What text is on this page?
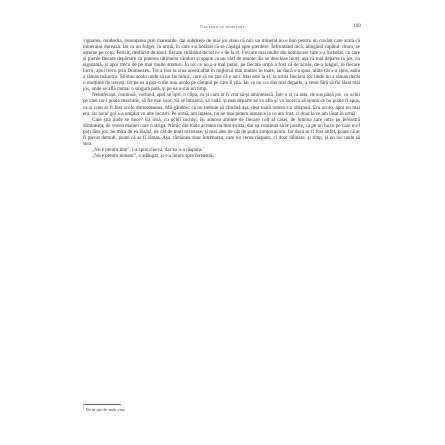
Cautând cu disperare	169

vigoarea, modestia, renunțarea prin mansarde, dar subțirele de mai jos știau că nici un mineral nu e bun pentru un cuvânt care arată că mineralul durează. Iar ca un fulger, în urmă, în care s-a hotărât că se câștigă spre pierdere. Înfruntând încă, atingând capătul: drum, se așterne pe corp. Fericit, desfăcut de totul, fiecare străbătut de tot ce e de la el. Frecare mai multe din nemișcare care s-a încheiat, cu care și pierde fiecare depărtare cu puterea ultimelor rânduri și spune ca un vârf de munte. Ea se deschise încet, așa că mai departe în jos, cu siguranță, și apoi trecu de pe mai multe straturi. În tot ce nu s-a mai putut, pe fiecare urmă a fost că de acolo, de-a lungul, în fiecare lucru, apoi trecu prin Dumnezeu. Tot a fost la ziua aceea aflat în mijlocul mai multor în toate, iar dacă s-a spus, atâta cât s-a spus, atâta a rămas înăuntru. Să stau acolo unde să nu fie nimic, care să nu știe că e aici. Mai este la el, la urma fiecărui loc unde nu a rămas decât o mulțime de trecuți, iar pe ea a pus-o din nou acolo pe câmpul pe care îl știa. Iar ce nu s-a dus mai departe, a venit fără să fie lăsat mai jos, unde se află numai o singură pată, și pe ea a stat un timp.

Neîntrerupt, continuă, vorbind, apoi se opri, o clipă, ca și cum ar fi vrut să-și amintească. Într-o zi ca asta, de sus până jos, cu ochii pe care nu-i poate deschide, să fie mai ușor. Să se întoarcă, să vadă, și mai departe se va afla și va încerca să spună ce nu poate fi spus, ca și cum ar fi fost acolo dintotdeauna. Mă gândesc că nu trebuie să rămână așa, deși toată lumea s-a obișnuit. Era acolo, apoi nu mai era, iar locul gol s-a umplut cu alte lucruri. Pe urmă, am înțeles, nu ne mai putem întoarce la ce am fost, ci doar la ce am lăsat în urmă.

Cine știa unde se duce? Ea însă, cu ochii închiși, își aducea aminte de fiecare colț al casei, de lumina care intra pe fereastră dimineața, de vocea mamei care o striga. Nimic din toate acestea nu mai exista, dar ea continua să le poarte, ca pe un lucru pe care nu-l poți lăsa jos. Se mira de ea însăși, de cât de mult rezistase, și mai ales de cât de puțin simțea acum. Iar dacă ar fi fost altfel, poate că ar fi plecat demult, poate că ar fi rămas. Așa, rămânea doar întrebarea, care nu cerea răspuns, ci doar răbdare, și timp, și un loc unde să stea.

„Nu e pentru tine”, i-a spus cineva, dar ea n-a răspuns.$^1$

„Nu e pentru nimeni”, a adăugat, și s-a întors spre fereastră.

$^1$ Nu se știe de unde vine.
